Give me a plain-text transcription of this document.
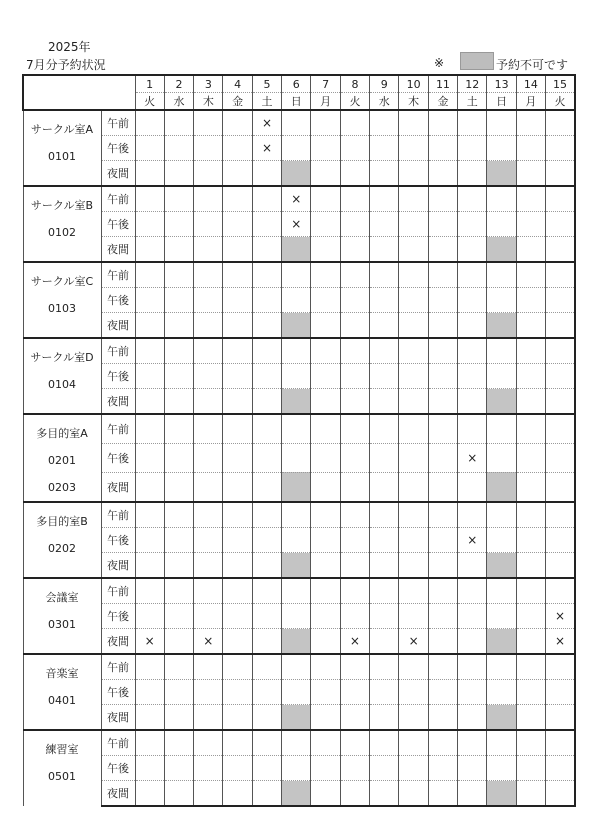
2025年
7月分予約状況	※	予約不可です
		1	2	3	4	5	6	7	8	9	10	11	12	13	14	15
		火	水	木	金	土	日	月	火	水	木	金	土	日	月	火

サークル室A
0101	午前					×										
	午後					×										
	夜間															

サークル室B
0102	午前						×									
	午後						×									
	夜間															

サークル室C
0103	午前															
	午後															
	夜間															

サークル室D
0104	午前															
	午後															
	夜間															

多目的室A
0201
0203	午前															
	午後												×			
	夜間															

多目的室B
0202	午前															
	午後												×			
	夜間															

会議室
0301	午前															
	午後															×
	夜間	×		×					×		×					×

音楽室
0401	午前															
	午後															
	夜間															

練習室
0501	午前															
	午後															
	夜間															
